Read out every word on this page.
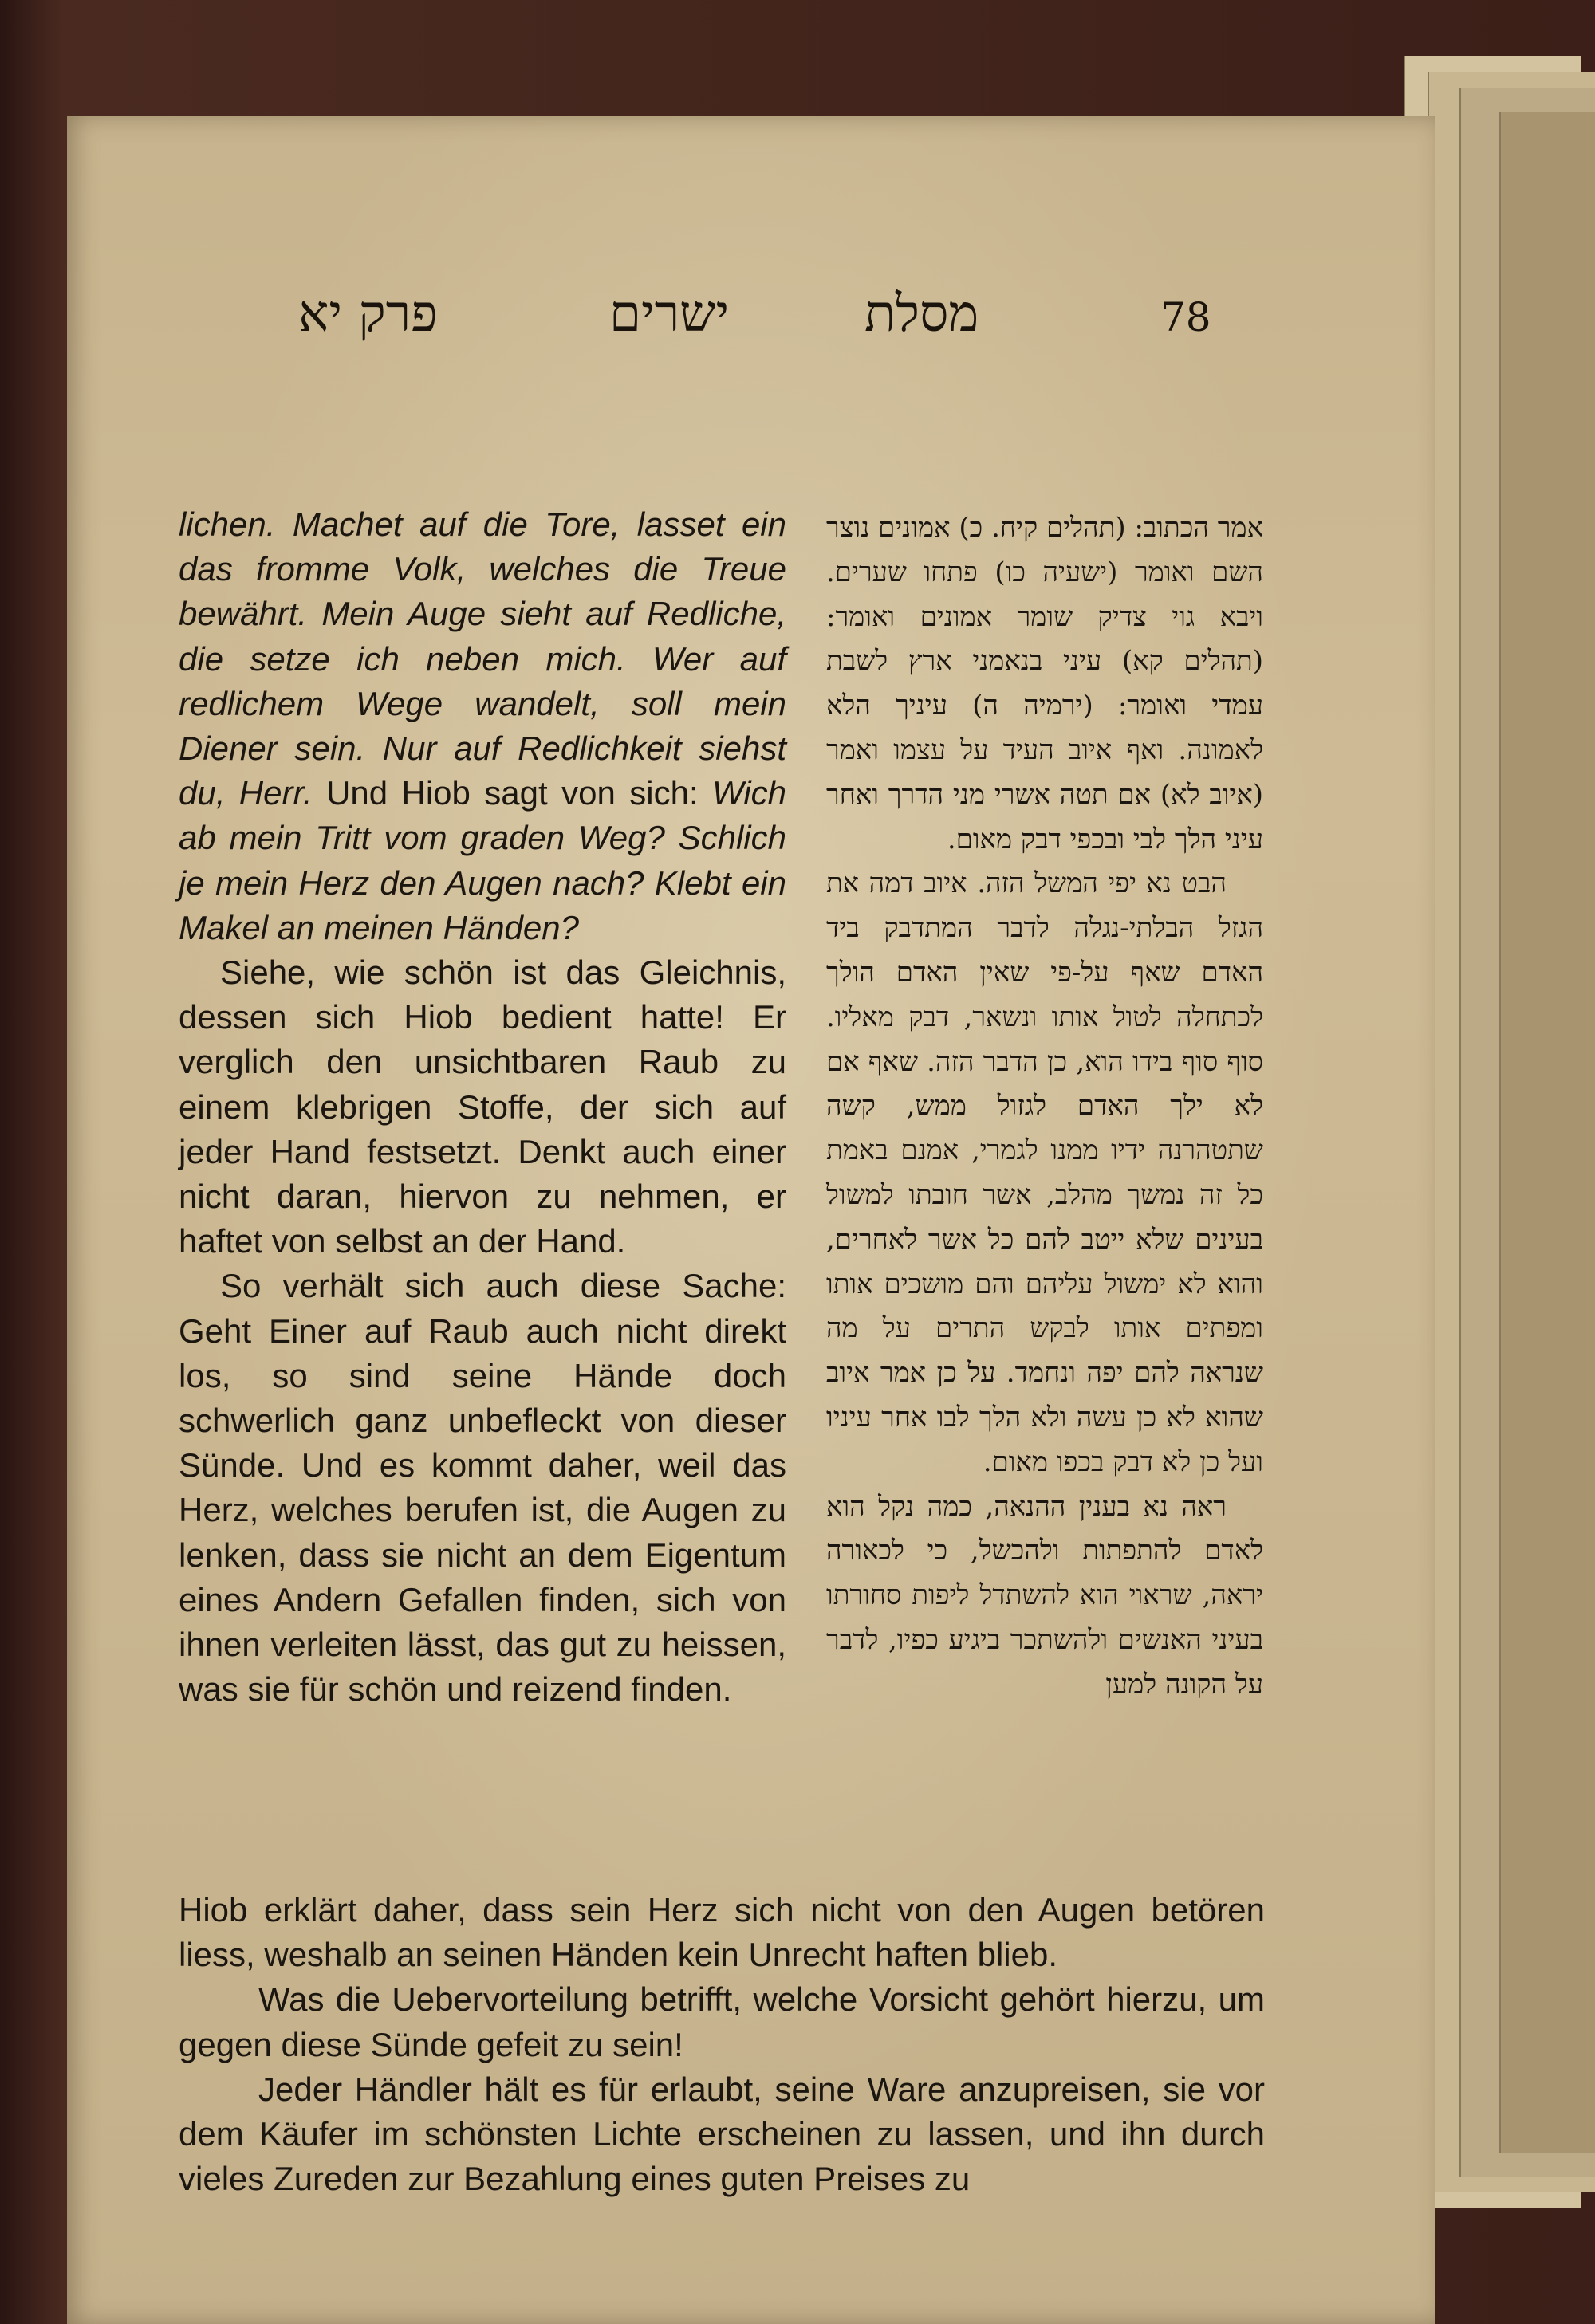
78
מסלת
ישרים
פרק יא

lichen. Machet auf die Tore, lasset ein das fromme Volk, welches die Treue bewährt. Mein Auge sieht auf Redliche, die setze ich neben mich. Wer auf redlichem Wege wandelt, soll mein Diener sein. Nur auf Redlichkeit siehst du, Herr. Und Hiob sagt von sich: Wich ab mein Tritt vom graden Weg? Schlich je mein Herz den Augen nach? Klebt ein Makel an meinen Händen?

Siehe, wie schön ist das Gleichnis, dessen sich Hiob bedient hatte! Er verglich den unsichtbaren Raub zu einem klebrigen Stoffe, der sich auf jeder Hand festsetzt. Denkt auch einer nicht daran, hiervon zu nehmen, er haftet von selbst an der Hand.

So verhält sich auch diese Sache: Geht Einer auf Raub auch nicht direkt los, so sind seine Hände doch schwerlich ganz unbefleckt von dieser Sünde. Und es kommt daher, weil das Herz, welches berufen ist, die Augen zu lenken, dass sie nicht an dem Eigentum eines Andern Gefallen finden, sich von ihnen verleiten lässt, das gut zu heissen, was sie für schön und reizend finden.

אמר הכתוב: (תהלים קיח. כ) אמונים נוצר השם ואומר (ישעיה כו) פתחו שערים. ויבא גוי צדיק שומר אמונים ואומר: (תהלים קא) עיני בנאמני ארץ לשבת עמדי ואומר: (ירמיה ה) עיניך הלא לאמונה. ואף איוב העיד על עצמו ואמר (איוב לא) אם תטה אשרי מני הדרך ואחר עיני הלך לבי ובכפי דבק מאום.

הבט נא יפי המשל הזה. איוב דמה את הגזל הבלתי-נגלה לדבר המתדבק ביד האדם שאף על-פי שאין האדם הולך לכתחלה לטול אותו ונשאר, דבק מאליו. סוף סוף בידו הוא, כן הדבר הזה. שאף אם לא ילך האדם לגזול ממש, קשה שתטהרנה ידיו ממנו לגמרי, אמנם באמת כל זה נמשך מהלב, אשר חובתו למשול בעינים שלא ייטב להם כל אשר לאחרים, והוא לא ימשול עליהם והם מושכים אותו ומפתים אותו לבקש התרים על מה שנראה להם יפה ונחמד. על כן אמר איוב שהוא לא כן עשה ולא הלך לבו אחר עיניו ועל כן לא דבק בכפו מאום.

ראה נא בענין ההנאה, כמה נקל הוא לאדם להתפתות ולהכשל, כי לכאורה יראה, שראוי הוא להשתדל ליפות סחורתו בעיני האנשים ולהשתכר ביגיע כפיו, לדבר על הקונה למען

Hiob erklärt daher, dass sein Herz sich nicht von den Augen betören liess, weshalb an seinen Händen kein Unrecht haften blieb.

Was die Uebervorteilung betrifft, welche Vorsicht gehört hierzu, um gegen diese Sünde gefeit zu sein!

Jeder Händler hält es für erlaubt, seine Ware anzupreisen, sie vor dem Käufer im schönsten Lichte erscheinen zu lassen, und ihn durch vieles Zureden zur Bezahlung eines guten Preises zu
